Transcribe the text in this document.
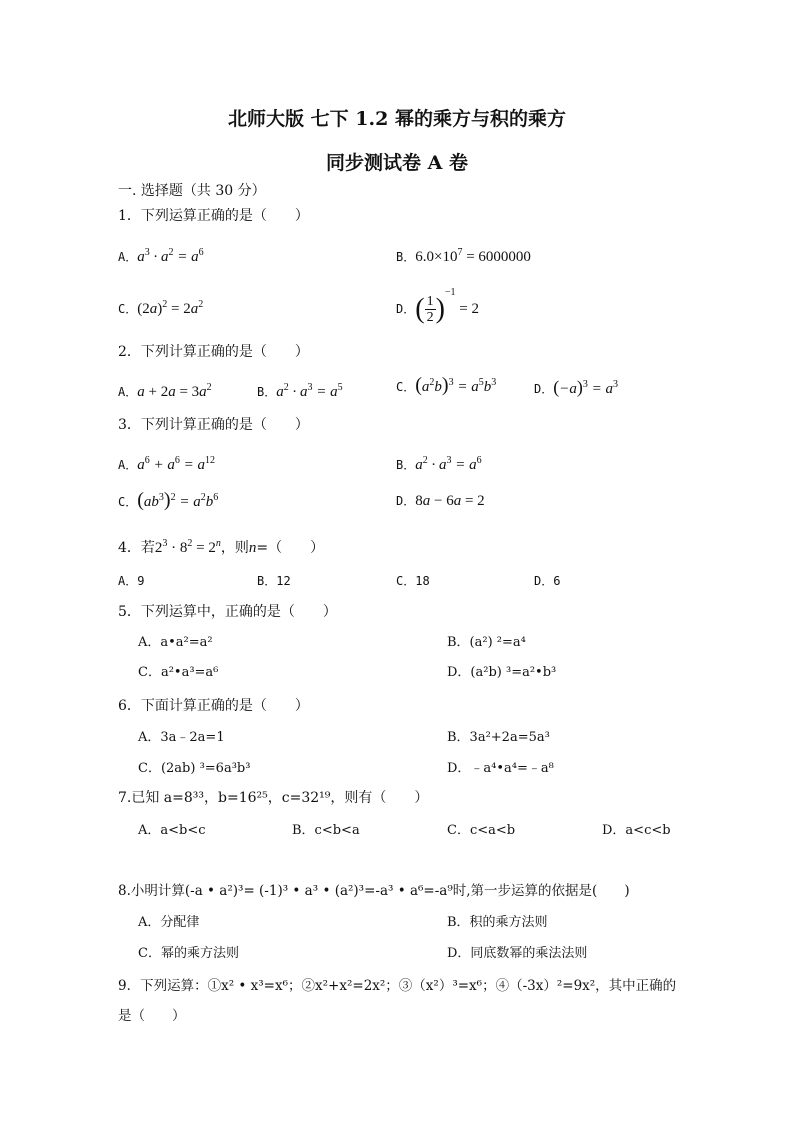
北师大版 七下 1.2 幂的乘方与积的乘方
同步测试卷 A 卷
一. 选择题（共 30 分）
1．下列运算正确的是（　　）
A．$a^3 \cdot a^2 = a^6$	B．$6.0\times 10^7 = 6000000$
C．$(2a)^2 = 2a^2$	D．( $\frac{1}{2} )^{-1} = 2$
2．下列计算正确的是（　　）
A．$a + 2a = 3a^2$	B．$a^2 \cdot a^3 = a^5$	C．$(a^2b)^3 = a^5b^3$	D．$(-a)^3 = a^3$
3．下列计算正确的是（　　）
A．$a^6 + a^6 = a^{12}$	B．$a^2 \cdot a^3 = a^6$
C．$(ab^3)^2 = a^2b^6$	D．8a − 6a = 2
4．若$2^3 \cdot 8^2 = 2^n$，则n=（　　）
A．9	B．12	C．18	D．6
5．下列运算中，正确的是（　　）
A．a•a²=a²	B．(a²) ²=a⁴
C．a²•a³=a⁶	D．(a²b) ³=a²•b³
6．下面计算正确的是（　　）
A．3a﹣2a=1	B．3a²+2a=5a³
C．(2ab) ³=6a³b³	D．﹣a⁴•a⁴=﹣a⁸
7.已知 a=8³³，b=16²⁵，c=32¹⁹，则有（　　）
A．a<b<c	B．c<b<a	C．c<a<b	D．a<c<b
8.小明计算(-a • a²)³= (-1)³ • a³ • (a²)³=-a³ • a⁶=-a⁹时,第一步运算的依据是(　　)
A．分配律	B．积的乘方法则
C．幂的乘方法则	D．同底数幂的乘法法则
9．下列运算：①x² • x³=x⁶；②x²+x²=2x²；③（x²）³=x⁶；④（-3x）²=9x²，其中正确的
是（　　）
